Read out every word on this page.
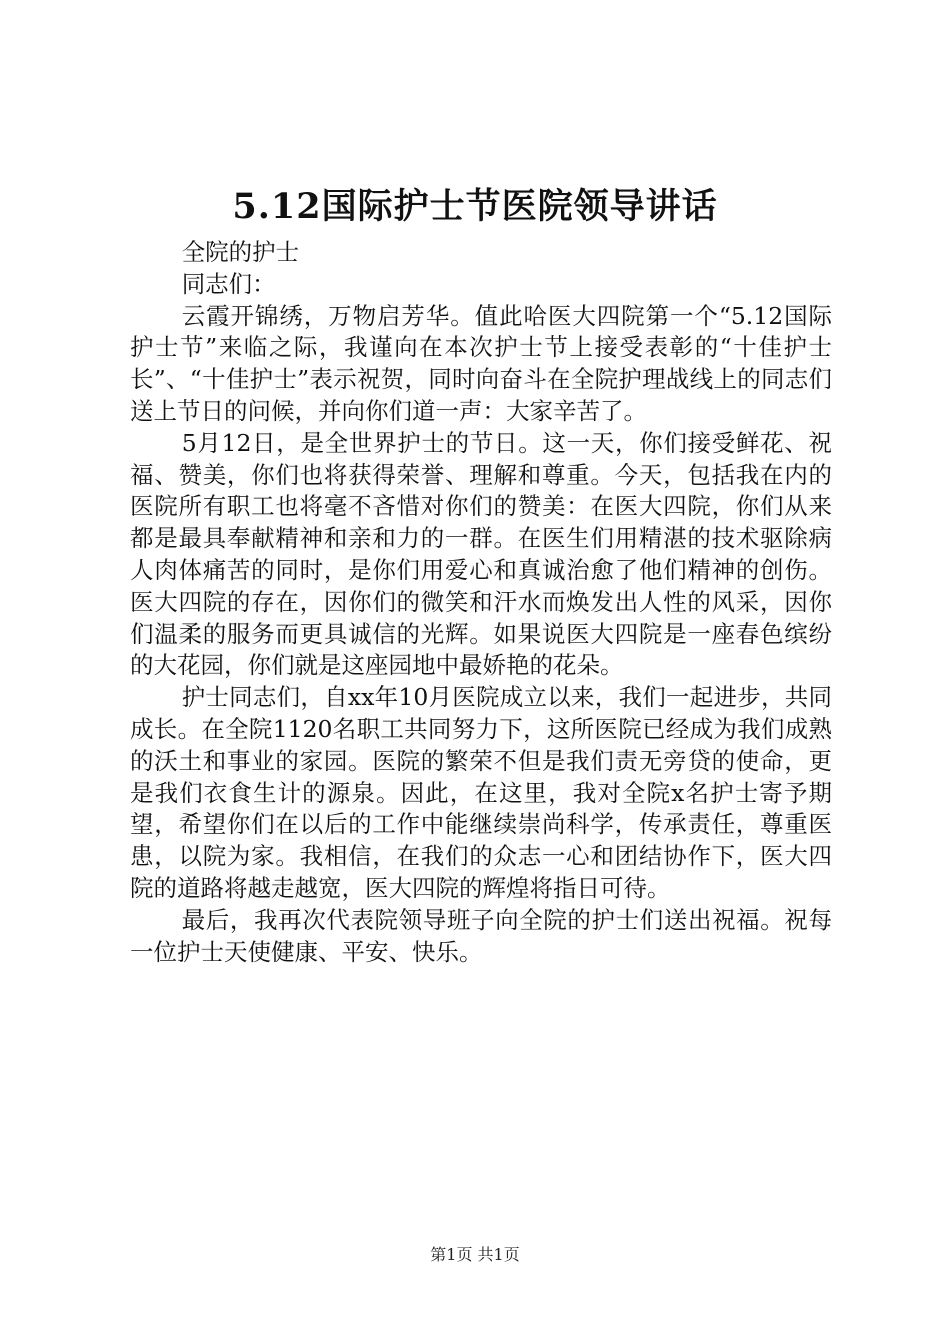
5.12国际护士节医院领导讲话

全院的护士

同志们：

云霞开锦绣，万物启芳华。值此哈医大四院第一个“5.12国际护士节”来临之际，我谨向在本次护士节上接受表彰的“十佳护士长”、“十佳护士”表示祝贺，同时向奋斗在全院护理战线上的同志们送上节日的问候，并向你们道一声：大家辛苦了。

5月12日，是全世界护士的节日。这一天，你们接受鲜花、祝福、赞美，你们也将获得荣誉、理解和尊重。今天，包括我在内的医院所有职工也将毫不吝惜对你们的赞美：在医大四院，你们从来都是最具奉献精神和亲和力的一群。在医生们用精湛的技术驱除病人肉体痛苦的同时，是你们用爱心和真诚治愈了他们精神的创伤。医大四院的存在，因你们的微笑和汗水而焕发出人性的风采，因你们温柔的服务而更具诚信的光辉。如果说医大四院是一座春色缤纷的大花园，你们就是这座园地中最娇艳的花朵。

护士同志们，自xx年10月医院成立以来，我们一起进步，共同成长。在全院1120名职工共同努力下，这所医院已经成为我们成熟的沃土和事业的家园。医院的繁荣不但是我们责无旁贷的使命，更是我们衣食生计的源泉。因此，在这里，我对全院x名护士寄予期望，希望你们在以后的工作中能继续崇尚科学，传承责任，尊重医患，以院为家。我相信，在我们的众志一心和团结协作下，医大四院的道路将越走越宽，医大四院的辉煌将指日可待。

最后，我再次代表院领导班子向全院的护士们送出祝福。祝每一位护士天使健康、平安、快乐。

第1页 共1页
